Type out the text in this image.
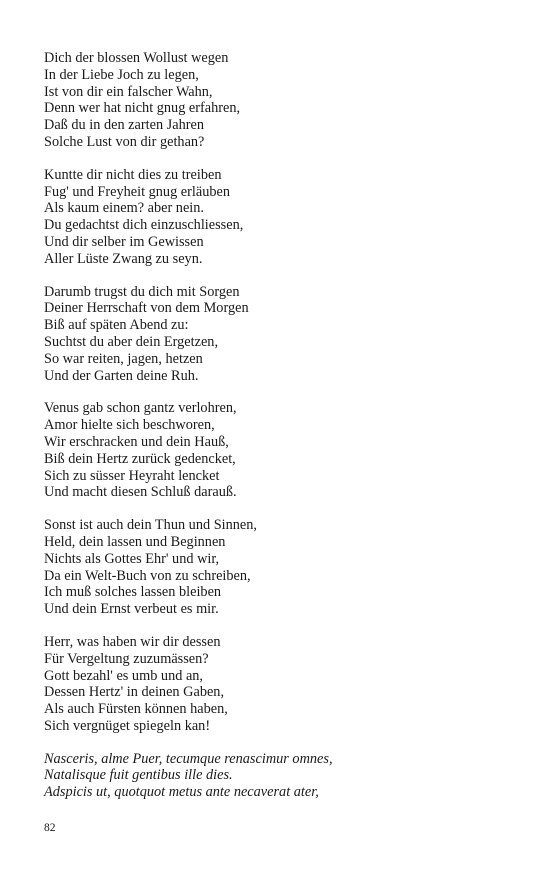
Dich der blossen Wollust wegen
In der Liebe Joch zu legen,
Ist von dir ein falscher Wahn,
Denn wer hat nicht gnug erfahren,
Daß du in den zarten Jahren
Solche Lust von dir gethan?
Kuntte dir nicht dies zu treiben
Fug' und Freyheit gnug erläuben
Als kaum einem? aber nein.
Du gedachtst dich einzuschliessen,
Und dir selber im Gewissen
Aller Lüste Zwang zu seyn.
Darumb trugst du dich mit Sorgen
Deiner Herrschaft von dem Morgen
Biß auf späten Abend zu:
Suchtst du aber dein Ergetzen,
So war reiten, jagen, hetzen
Und der Garten deine Ruh.
Venus gab schon gantz verlohren,
Amor hielte sich beschworen,
Wir erschracken und dein Hauß,
Biß dein Hertz zurück gedencket,
Sich zu süsser Heyraht lencket
Und macht diesen Schluß darauß.
Sonst ist auch dein Thun und Sinnen,
Held, dein lassen und Beginnen
Nichts als Gottes Ehr' und wir,
Da ein Welt-Buch von zu schreiben,
Ich muß solches lassen bleiben
Und dein Ernst verbeut es mir.
Herr, was haben wir dir dessen
Für Vergeltung zuzumässen?
Gott bezahl' es umb und an,
Dessen Hertz' in deinen Gaben,
Als auch Fürsten können haben,
Sich vergnüget spiegeln kan!
Nasceris, alme Puer, tecumque renascimur omnes,
Natalisque fuit gentibus ille dies.
Adspicis ut, quotquot metus ante necaverat ater,
82
